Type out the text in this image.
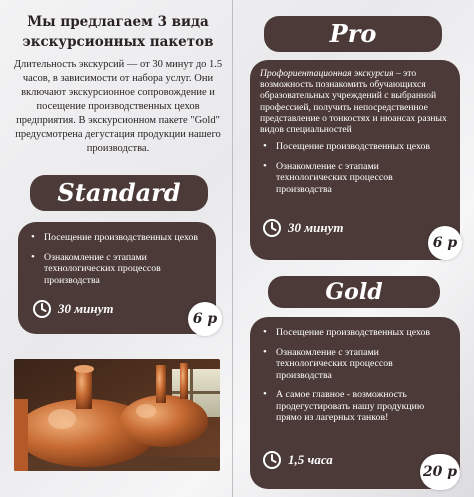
Мы предлагаем 3 вида
экскурсионных пакетов
Длительность экскурсий — от 30 минут до 1.5 часов, в зависимости от набора услуг. Они включают экскурсионное сопровождение и посещение производственных цехов предприятия. В экскурсионном пакете "Gold" предусмотрена дегустация продукции нашего производства.
Standard
• Посещение производственных цехов
• Ознакомление с этапами технологических процессов производства
30 минут
6 р
Pro
Профориентационная экскурсия – это возможность познакомить обучающихся образовательных учреждений с выбранной профессией, получить непосредственное представление о тонкостях и нюансах разных видов специальностей
• Посещение производственных цехов
• Ознакомление с этапами технологических процессов производства
30 минут
6 р
Gold
• Посещение производственных цехов
• Ознакомление с этапами технологических процессов производства
• А самое главное - возможность продегустировать нашу продукцию прямо из лагерных танков!
1,5 часа
20 р
